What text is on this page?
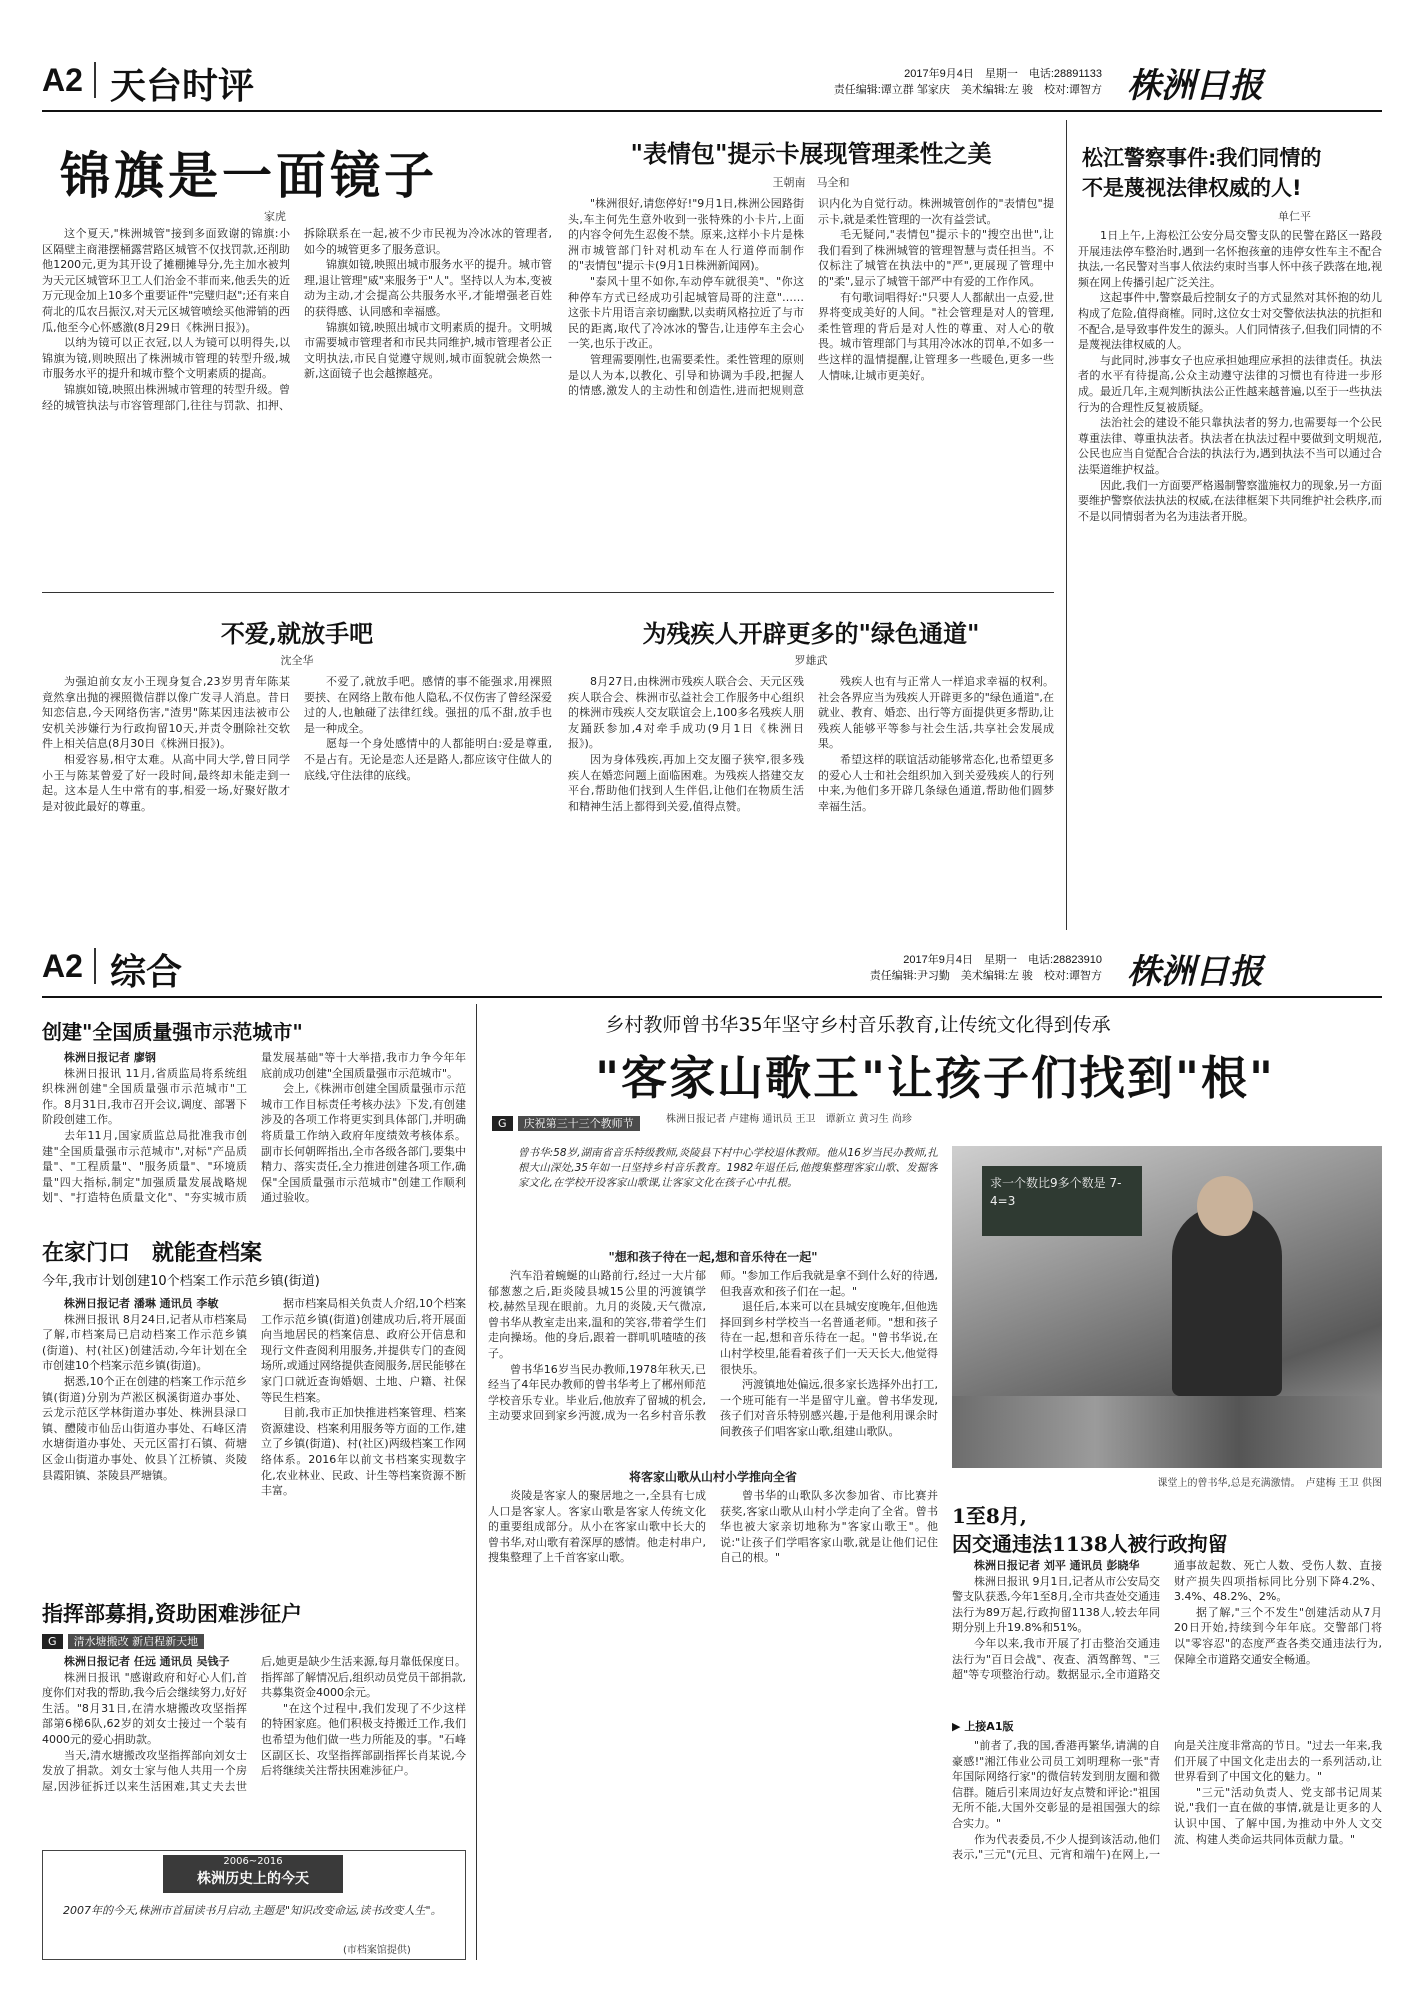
A2 天台时评	2017年9月4日　星期一　电话:28891133
责任编辑:谭立群 邹家庆　美术编辑:左 骏　校对:谭智方 株洲日报
锦旗是一面镜子
家虎

这个夏天,"株洲城管"接到多面致谢的锦旗:小区隔壁主商港摆桶露营路区城管不仅找罚款,还削助他1200元,更为其开设了摊棚摊导分,先主加水被判为天元区城管环卫工人们治金不菲而来,他丢失的近万元现金加上10多个重要证件"完璧归赵";还有来自荷北的瓜农吕振汉,对天元区城管喷绘买他滞销的西瓜,他至今心怀感激(8月29日《株洲日报》)。

以纳为镜可以正衣冠,以人为镜可以明得失,以锦旗为镜,则映照出了株洲城市管理的转型升级,城市服务水平的提升和城市整个文明素质的提高。

锦旗如镜,映照出株洲城市管理的转型升级。曾经的城管执法与市容管理部门,往往与罚款、扣押、拆除联系在一起,被不少市民视为冷冰冰的管理者,如今的城管更多了服务意识。

锦旗如镜,映照出城市服务水平的提升。城市管理,退让管理"威"来服务于"人"。坚持以人为本,变被动为主动,才会提高公共服务水平,才能增强老百姓的获得感、认同感和幸福感。

锦旗如镜,映照出城市文明素质的提升。文明城市需要城市管理者和市民共同维护,城市管理者公正文明执法,市民自觉遵守规则,城市面貌就会焕然一新,这面镜子也会越擦越亮。

"表情包"提示卡展现管理柔性之美
王朝南　马全和

"株洲很好,请您停好!"9月1日,株洲公园路街头,车主何先生意外收到一张特殊的小卡片,上面的内容令何先生忍俊不禁。原来,这样小卡片是株洲市城管部门针对机动车在人行道停而制作的"表情包"提示卡(9月1日株洲新闻网)。

"泰风十里不如你,车动停车就很美"、"你这种停车方式已经成功引起城管局哥的注意"……这张卡片用语言亲切幽默,以卖萌风格拉近了与市民的距离,取代了冷冰冰的警告,让违停车主会心一笑,也乐于改正。

管理需要刚性,也需要柔性。柔性管理的原则是以人为本,以教化、引导和协调为手段,把握人的情感,激发人的主动性和创造性,进而把规则意识内化为自觉行动。株洲城管创作的"表情包"提示卡,就是柔性管理的一次有益尝试。

毛无疑问,"表情包"提示卡的"搜空出世",让我们看到了株洲城管的管理智慧与责任担当。不仅标注了城管在执法中的"严",更展现了管理中的"柔",显示了城管干部严中有爱的工作作风。

有句歌词唱得好:"只要人人都献出一点爱,世界将变成美好的人间。"社会管理是对人的管理,柔性管理的背后是对人性的尊重、对人心的敬畏。城市管理部门与其用冷冰冰的罚单,不如多一些这样的温情提醒,让管理多一些暖色,更多一些人情味,让城市更美好。

松江警察事件:我们同情的
不是蔑视法律权威的人!
单仁平

1日上午,上海松江公安分局交警支队的民警在路区一路段开展违法停车整治时,遇到一名怀抱孩童的违停女性车主不配合执法,一名民警对当事人依法约束时当事人怀中孩子跌落在地,视频在网上传播引起广泛关注。

这起事件中,警察最后控制女子的方式显然对其怀抱的幼儿构成了危险,值得商榷。同时,这位女士对交警依法执法的抗拒和不配合,是导致事件发生的源头。人们同情孩子,但我们同情的不是蔑视法律权威的人。

与此同时,涉事女子也应承担她理应承担的法律责任。执法者的水平有待提高,公众主动遵守法律的习惯也有待进一步形成。最近几年,主观判断执法公正性越来越普遍,以至于一些执法行为的合理性反复被质疑。

法治社会的建设不能只靠执法者的努力,也需要每一个公民尊重法律、尊重执法者。执法者在执法过程中要做到文明规范,公民也应当自觉配合合法的执法行为,遇到执法不当可以通过合法渠道维护权益。

因此,我们一方面要严格遏制警察滥施权力的现象,另一方面要维护警察依法执法的权威,在法律框架下共同维护社会秩序,而不是以同情弱者为名为违法者开脱。

不爱,就放手吧
沈全华

为强迫前女友小王现身复合,23岁男青年陈某竟然拿出抛的裸照微信群以像广发寻人消息。昔日知恋信息,今天网络伤害,"渣男"陈某因违法被市公安机关涉嫌行为行政拘留10天,并责令删除社交软件上相关信息(8月30日《株洲日报》)。

相爱容易,相守太难。从高中同大学,曾日同学小王与陈某曾爱了好一段时间,最终却未能走到一起。这本是人生中常有的事,相爱一场,好聚好散才是对彼此最好的尊重。

不爱了,就放手吧。感情的事不能强求,用裸照要挟、在网络上散布他人隐私,不仅伤害了曾经深爱过的人,也触碰了法律红线。强扭的瓜不甜,放手也是一种成全。

愿每一个身处感情中的人都能明白:爱是尊重,不是占有。无论是恋人还是路人,都应该守住做人的底线,守住法律的底线。

为残疾人开辟更多的"绿色通道"
罗雄武

8月27日,由株洲市残疾人联合会、天元区残疾人联合会、株洲市弘益社会工作服务中心组织的株洲市残疾人交友联谊会上,100多名残疾人朋友踊跃参加,4对牵手成功(9月1日《株洲日报》)。

因为身体残疾,再加上交友圈子狭窄,很多残疾人在婚恋问题上面临困难。为残疾人搭建交友平台,帮助他们找到人生伴侣,让他们在物质生活和精神生活上都得到关爱,值得点赞。

残疾人也有与正常人一样追求幸福的权利。社会各界应当为残疾人开辟更多的"绿色通道",在就业、教育、婚恋、出行等方面提供更多帮助,让残疾人能够平等参与社会生活,共享社会发展成果。

希望这样的联谊活动能够常态化,也希望更多的爱心人士和社会组织加入到关爱残疾人的行列中来,为他们多开辟几条绿色通道,帮助他们圆梦幸福生活。

A2 综合	2017年9月4日　星期一　电话:28823910
责任编辑:尹习勤　美术编辑:左 骏　校对:谭智方 株洲日报
创建"全国质量强市示范城市"

株洲日报记者 廖钢

株洲日报讯 11月,省质监局将系统组织株洲创建"全国质量强市示范城市"工作。8月31日,我市召开会议,调度、部署下阶段创建工作。

去年11月,国家质监总局批准我市创建"全国质量强市示范城市",对标"产品质量"、"工程质量"、"服务质量"、"环境质量"四大指标,制定"加强质量发展战略规划"、"打造特色质量文化"、"夯实城市质量发展基础"等十大举措,我市力争今年年底前成功创建"全国质量强市示范城市"。

会上,《株洲市创建全国质量强市示范城市工作目标责任考核办法》下发,有创建涉及的各项工作将更实到具体部门,并明确将质量工作纳入政府年度绩效考核体系。副市长何朝晖指出,全市各级各部门,要集中精力、落实责任,全力推进创建各项工作,确保"全国质量强市示范城市"创建工作顺利通过验收。

在家门口　就能查档案
今年,我市计划创建10个档案工作示范乡镇(街道)

株洲日报记者 潘琳 通讯员 李敏

株洲日报讯 8月24日,记者从市档案局了解,市档案局已启动档案工作示范乡镇(街道)、村(社区)创建活动,今年计划在全市创建10个档案示范乡镇(街道)。

据悉,10个正在创建的档案工作示范乡镇(街道)分别为芦淞区枫溪街道办事处、云龙示范区学林街道办事处、株洲县渌口镇、醴陵市仙岳山街道办事处、石峰区清水塘街道办事处、天元区雷打石镇、荷塘区金山街道办事处、攸县丫江桥镇、炎陵县霞阳镇、茶陵县严塘镇。

据市档案局相关负责人介绍,10个档案工作示范乡镇(街道)创建成功后,将开展面向当地居民的档案信息、政府公开信息和现行文件查阅利用服务,并提供专门的查阅场所,或通过网络提供查阅服务,居民能够在家门口就近查询婚姻、土地、户籍、社保等民生档案。

目前,我市正加快推进档案管理、档案资源建设、档案利用服务等方面的工作,建立了乡镇(街道)、村(社区)两级档案工作网络体系。2016年以前文书档案实现数字化,农业林业、民政、计生等档案资源不断丰富。

指挥部募捐,资助困难涉征户
G 清水塘搬改 新启程新天地

株洲日报记者 任远 通讯员 吴钱子

株洲日报讯 "感谢政府和好心人们,首度你们对我的帮助,我今后会继续努力,好好生活。"8月31日,在清水塘搬改攻坚指挥部第6梯6队,62岁的刘女士接过一个装有4000元的爱心捐助款。

当天,清水塘搬改攻坚指挥部向刘女士发放了捐款。刘女士家与他人共用一个房屋,因涉征拆迁以来生活困难,其丈夫去世后,她更是缺少生活来源,每月靠低保度日。指挥部了解情况后,组织动员党员干部捐款,共募集资金4000余元。

"在这个过程中,我们发现了不少这样的特困家庭。他们积极支持搬迁工作,我们也希望为他们做一些力所能及的事。"石峰区副区长、攻坚指挥部副指挥长肖某说,今后将继续关注帮扶困难涉征户。

2006~2016
株洲历史上的今天
2007年的今天,株洲市首届读书月启动,主题是"知识改变命运,读书改变人生"。
(市档案馆提供)
乡村教师曾书华35年坚守乡村音乐教育,让传统文化得到传承
"客家山歌王"让孩子们找到"根"
G 庆祝第三十三个教师节	株洲日报记者 卢建梅 通讯员 王卫　谭新立 黄习生 尚珍
曾书华:58岁,湖南省音乐特级教师,炎陵县下村中心学校退休教师。他从16岁当民办教师,扎根大山深处,35年如一日坚持乡村音乐教育。1982年退任后,他搜集整理客家山歌、发掘客家文化,在学校开设客家山歌课,让客家文化在孩子心中扎根。
"想和孩子待在一起,想和音乐待在一起"

汽车沿着蜿蜒的山路前行,经过一大片郁郁葱葱之后,距炎陵县城15公里的沔渡镇学校,赫然呈现在眼前。九月的炎陵,天气微凉,曾书华从教室走出来,温和的笑容,带着学生们走向操场。他的身后,跟着一群叽叽喳喳的孩子。

曾书华16岁当民办教师,1978年秋天,已经当了4年民办教师的曾书华考上了郴州师范学校音乐专业。毕业后,他放弃了留城的机会,主动要求回到家乡沔渡,成为一名乡村音乐教师。"参加工作后我就是拿不到什么好的待遇,但我喜欢和孩子们在一起。"

退任后,本来可以在县城安度晚年,但他选择回到乡村学校当一名普通老师。"想和孩子待在一起,想和音乐待在一起。"曾书华说,在山村学校里,能看着孩子们一天天长大,他觉得很快乐。

沔渡镇地处偏远,很多家长选择外出打工,一个班可能有一半是留守儿童。曾书华发现,孩子们对音乐特别感兴趣,于是他利用课余时间教孩子们唱客家山歌,组建山歌队。

将客家山歌从山村小学推向全省

炎陵是客家人的聚居地之一,全县有七成人口是客家人。客家山歌是客家人传统文化的重要组成部分。从小在客家山歌中长大的曾书华,对山歌有着深厚的感情。他走村串户,搜集整理了上千首客家山歌。

曾书华的山歌队多次参加省、市比赛并获奖,客家山歌从山村小学走向了全省。曾书华也被大家亲切地称为"客家山歌王"。他说:"让孩子们学唱客家山歌,就是让他们记住自己的根。"

求一个数比9多个数是 7-4=3
课堂上的曾书华,总是充满激情。　卢建梅 王卫 供图
1至8月,
因交通违法1138人被行政拘留

株洲日报记者 刘平 通讯员 彭晓华

株洲日报讯 9月1日,记者从市公安局交警支队获悉,今年1至8月,全市共查处交通违法行为89万起,行政拘留1138人,较去年同期分别上升19.8%和51%。

今年以来,我市开展了打击整治交通违法行为"百日会战"、夜查、酒驾醉驾、"三超"等专项整治行动。数据显示,全市道路交通事故起数、死亡人数、受伤人数、直接财产损失四项指标同比分别下降4.2%、3.4%、48.2%、2%。

据了解,"三个不发生"创建活动从7月20日开始,持续到今年年底。交警部门将以"零容忍"的态度严查各类交通违法行为,保障全市道路交通安全畅通。

▶ 上接A1版

"前者了,我的国,香港再繁华,请满的自豪感!"湘江伟业公司员工刘明理称一张"青年国际网络行家"的微信转发到朋友圈和微信群。随后引来周边好友点赞和评论:"祖国无所不能,大国外交彰显的是祖国强大的综合实力。"

作为代表委员,不少人提到该活动,他们表示,"三元"(元旦、元宵和端午)在网上,一向是关注度非常高的节日。"过去一年来,我们开展了中国文化走出去的一系列活动,让世界看到了中国文化的魅力。"

"三元"活动负责人、党支部书记周某说,"我们一直在做的事情,就是让更多的人认识中国、了解中国,为推动中外人文交流、构建人类命运共同体贡献力量。"
